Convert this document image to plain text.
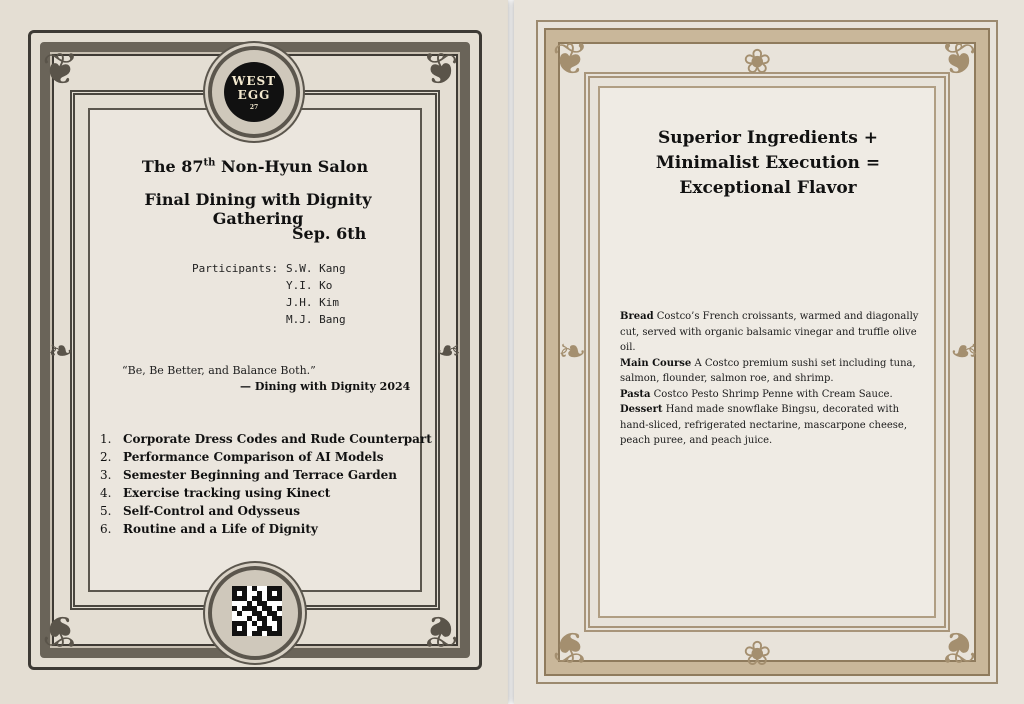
❦	❦
❦	❦
❧	❧
WEST
EGG
27
The 87th Non-Hyun Salon
Final Dining with Dignity Gathering
Sep. 6th
Participants: S.W. Kang
Y.I. Ko
J.H. Kim
M.J. Bang
“Be, Be Better, and Balance Both.”
— Dining with Dignity 2024
1. Corporate Dress Codes and Rude Counterpart
2. Performance Comparison of AI Models
3. Semester Beginning and Terrace Garden
4. Exercise tracking using Kinect
5. Self-Control and Odysseus
6. Routine and a Life of Dignity
❦	❦
❦	❦
❀
❀
❧	❧
Superior Ingredients +
Minimalist Execution =
Exceptional Flavor
Bread Costco’s French croissants, warmed and diagonally cut, served with organic balsamic vinegar and truffle olive oil.
Main Course A Costco premium sushi set including tuna, salmon, flounder, salmon roe, and shrimp.
Pasta Costco Pesto Shrimp Penne with Cream Sauce.
Dessert Hand made snowflake Bingsu, decorated with hand-sliced, refrigerated nectarine, mascarpone cheese, peach puree, and peach juice.
